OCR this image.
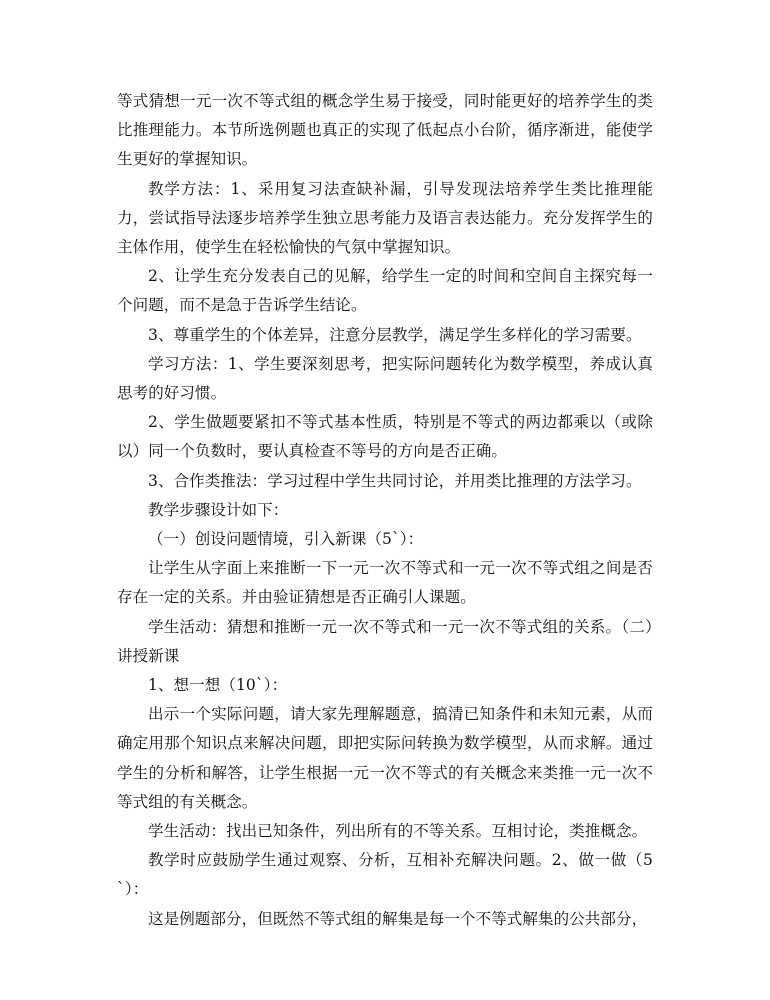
等式猜想一元一次不等式组的概念学生易于接受，同时能更好的培养学生的类比推理能力。本节所选例题也真正的实现了低起点小台阶，循序渐进，能使学生更好的掌握知识。

教学方法：1、采用复习法查缺补漏，引导发现法培养学生类比推理能力，尝试指导法逐步培养学生独立思考能力及语言表达能力。充分发挥学生的主体作用，使学生在轻松愉快的气氛中掌握知识。

2、让学生充分发表自己的见解，给学生一定的时间和空间自主探究每一个问题，而不是急于告诉学生结论。

3、尊重学生的个体差异，注意分层教学，满足学生多样化的学习需要。

学习方法：1、学生要深刻思考，把实际问题转化为数学模型，养成认真思考的好习惯。

2、学生做题要紧扣不等式基本性质，特别是不等式的两边都乘以（或除以）同一个负数时，要认真检查不等号的方向是否正确。

3、合作类推法：学习过程中学生共同讨论，并用类比推理的方法学习。

教学步骤设计如下：

（一）创设问题情境，引入新课（5`）：

让学生从字面上来推断一下一元一次不等式和一元一次不等式组之间是否存在一定的关系。并由验证猜想是否正确引人课题。

学生活动：猜想和推断一元一次不等式和一元一次不等式组的关系。（二）讲授新课

1、想一想（10`）：

出示一个实际问题，请大家先理解题意，搞清已知条件和未知元素，从而确定用那个知识点来解决问题，即把实际问转换为数学模型，从而求解。通过学生的分析和解答，让学生根据一元一次不等式的有关概念来类推一元一次不等式组的有关概念。

学生活动：找出已知条件，列出所有的不等关系。互相讨论，类推概念。

教学时应鼓励学生通过观察、分析，互相补充解决问题。2、做一做（5`）：

这是例题部分，但既然不等式组的解集是每一个不等式解集的公共部分，
